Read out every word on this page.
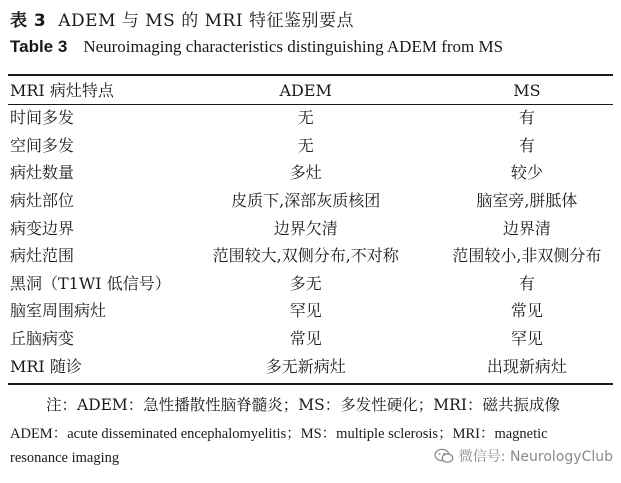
表 3 ADEM 与 MS 的 MRI 特征鉴别要点
Table 3 Neuroimaging characteristics distinguishing ADEM from MS
MRI 病灶特点	ADEM	MS
时间多发	无	有
空间多发	无	有
病灶数量	多灶	较少
病灶部位	皮质下,深部灰质核团	脑室旁,胼胝体
病变边界	边界欠清	边界清
病灶范围	范围较大,双侧分布,不对称	范围较小,非双侧分布
黑洞（T1WI 低信号）	多无	有
脑室周围病灶	罕见	常见
丘脑病变	常见	罕见
MRI 随诊	多无新病灶	出现新病灶
注：ADEM：急性播散性脑脊髓炎；MS：多发性硬化；MRI：磁共振成像
ADEM：acute disseminated encephalomyelitis；MS：multiple sclerosis；MRI：magnetic
resonance imaging	微信号: NeurologyClub
